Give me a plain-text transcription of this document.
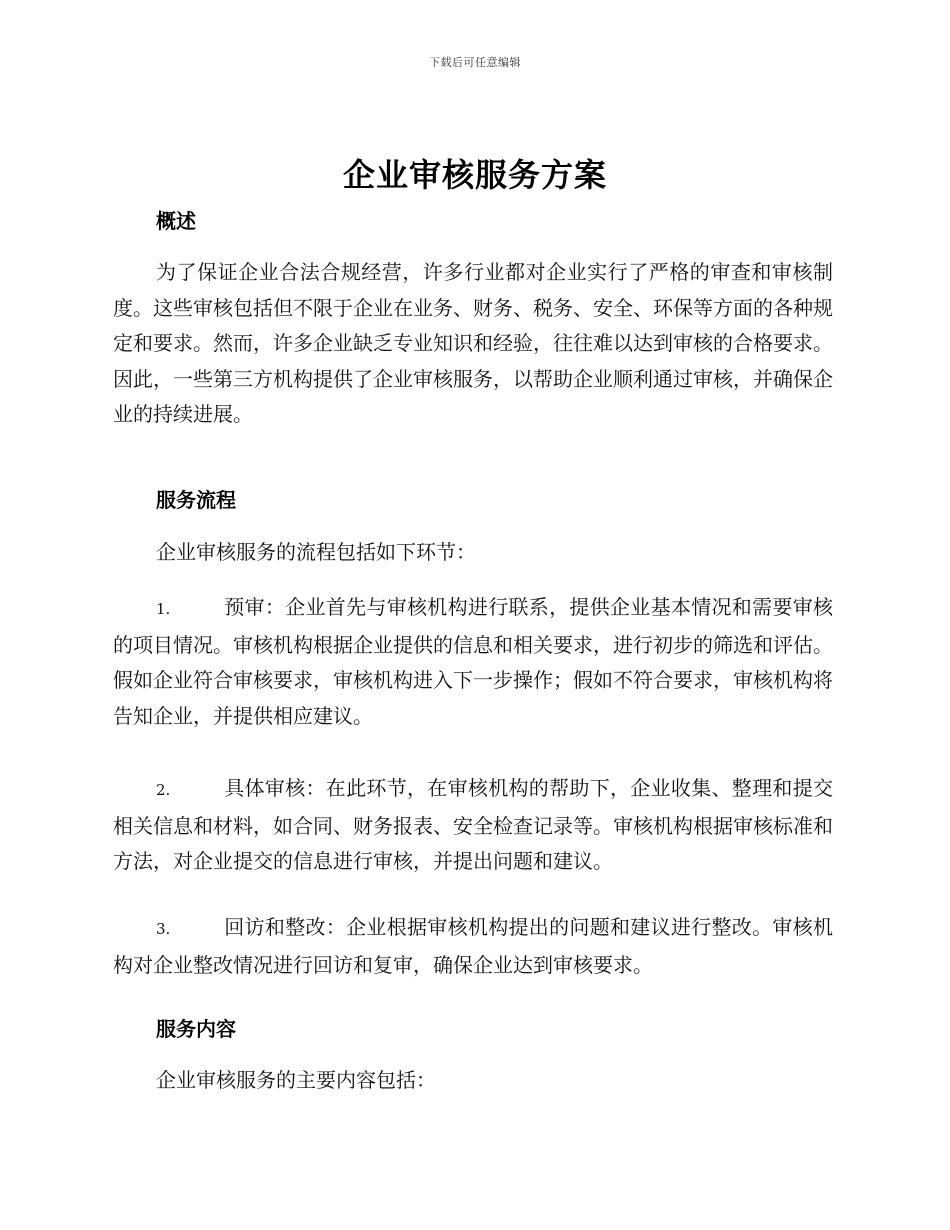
下载后可任意编辑
企业审核服务方案
概述

为了保证企业合法合规经营，许多行业都对企业实行了严格的审查和审核制度。这些审核包括但不限于企业在业务、财务、税务、安全、环保等方面的各种规定和要求。然而，许多企业缺乏专业知识和经验，往往难以达到审核的合格要求。因此，一些第三方机构提供了企业审核服务，以帮助企业顺利通过审核，并确保企业的持续进展。

服务流程

企业审核服务的流程包括如下环节：

1.	预审：企业首先与审核机构进行联系，提供企业基本情况和需要审核的项目情况。审核机构根据企业提供的信息和相关要求，进行初步的筛选和评估。假如企业符合审核要求，审核机构进入下一步操作；假如不符合要求，审核机构将告知企业，并提供相应建议。

2.	具体审核：在此环节，在审核机构的帮助下，企业收集、整理和提交相关信息和材料，如合同、财务报表、安全检查记录等。审核机构根据审核标准和方法，对企业提交的信息进行审核，并提出问题和建议。

3.	回访和整改：企业根据审核机构提出的问题和建议进行整改。审核机构对企业整改情况进行回访和复审，确保企业达到审核要求。

服务内容

企业审核服务的主要内容包括：
